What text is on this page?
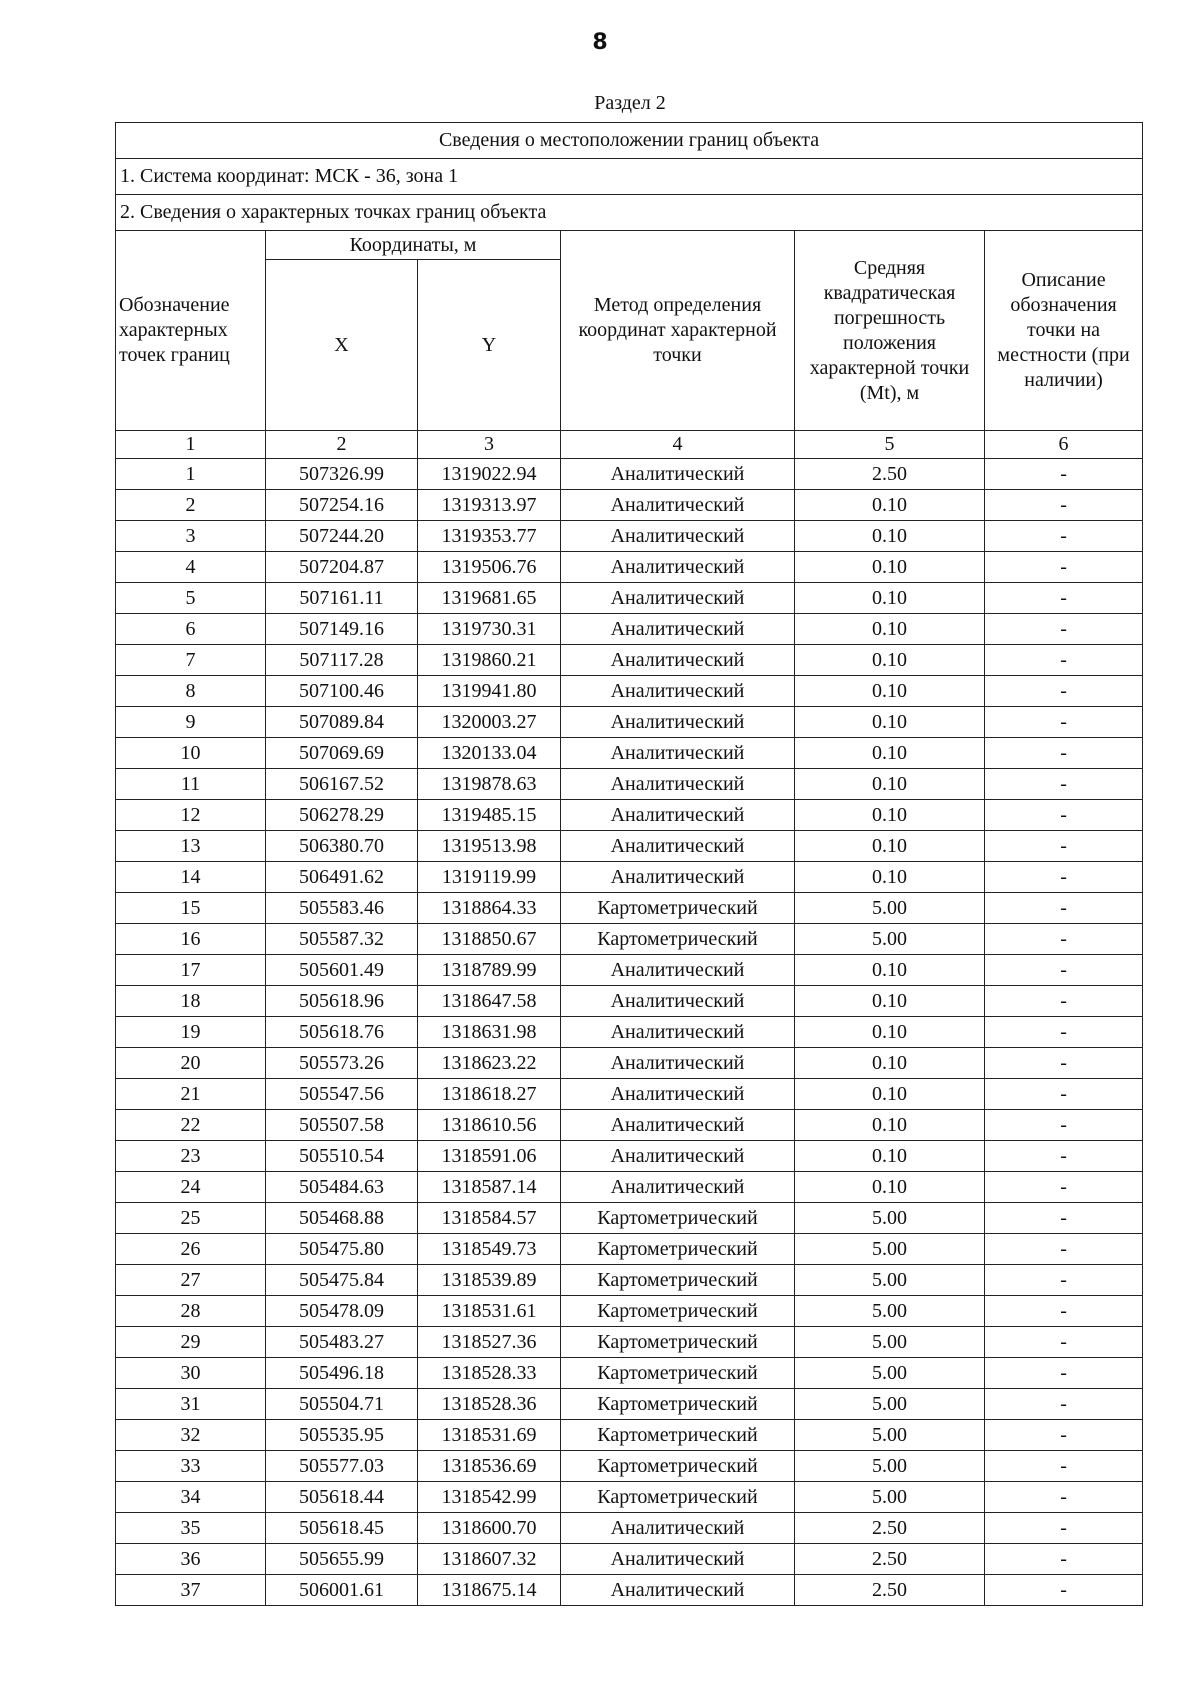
8
Раздел 2
Сведения о местоположении границ объекта					
1. Система координат: МСК - 36, зона 1					
2. Сведения о характерных точках границ объекта					
Обозначение характерных точек границ	Координаты, м		Метод определения координат характерной точки	Средняя квадратическая погрешность положения характерной точки (Mt), м	Описание обозначения точки на местности (при наличии)
	X	Y			
1	2	3	4	5	6
1	507326.99	1319022.94	Аналитический	2.50	-
2	507254.16	1319313.97	Аналитический	0.10	-
3	507244.20	1319353.77	Аналитический	0.10	-
4	507204.87	1319506.76	Аналитический	0.10	-
5	507161.11	1319681.65	Аналитический	0.10	-
6	507149.16	1319730.31	Аналитический	0.10	-
7	507117.28	1319860.21	Аналитический	0.10	-
8	507100.46	1319941.80	Аналитический	0.10	-
9	507089.84	1320003.27	Аналитический	0.10	-
10	507069.69	1320133.04	Аналитический	0.10	-
11	506167.52	1319878.63	Аналитический	0.10	-
12	506278.29	1319485.15	Аналитический	0.10	-
13	506380.70	1319513.98	Аналитический	0.10	-
14	506491.62	1319119.99	Аналитический	0.10	-
15	505583.46	1318864.33	Картометрический	5.00	-
16	505587.32	1318850.67	Картометрический	5.00	-
17	505601.49	1318789.99	Аналитический	0.10	-
18	505618.96	1318647.58	Аналитический	0.10	-
19	505618.76	1318631.98	Аналитический	0.10	-
20	505573.26	1318623.22	Аналитический	0.10	-
21	505547.56	1318618.27	Аналитический	0.10	-
22	505507.58	1318610.56	Аналитический	0.10	-
23	505510.54	1318591.06	Аналитический	0.10	-
24	505484.63	1318587.14	Аналитический	0.10	-
25	505468.88	1318584.57	Картометрический	5.00	-
26	505475.80	1318549.73	Картометрический	5.00	-
27	505475.84	1318539.89	Картометрический	5.00	-
28	505478.09	1318531.61	Картометрический	5.00	-
29	505483.27	1318527.36	Картометрический	5.00	-
30	505496.18	1318528.33	Картометрический	5.00	-
31	505504.71	1318528.36	Картометрический	5.00	-
32	505535.95	1318531.69	Картометрический	5.00	-
33	505577.03	1318536.69	Картометрический	5.00	-
34	505618.44	1318542.99	Картометрический	5.00	-
35	505618.45	1318600.70	Аналитический	2.50	-
36	505655.99	1318607.32	Аналитический	2.50	-
37	506001.61	1318675.14	Аналитический	2.50	-
